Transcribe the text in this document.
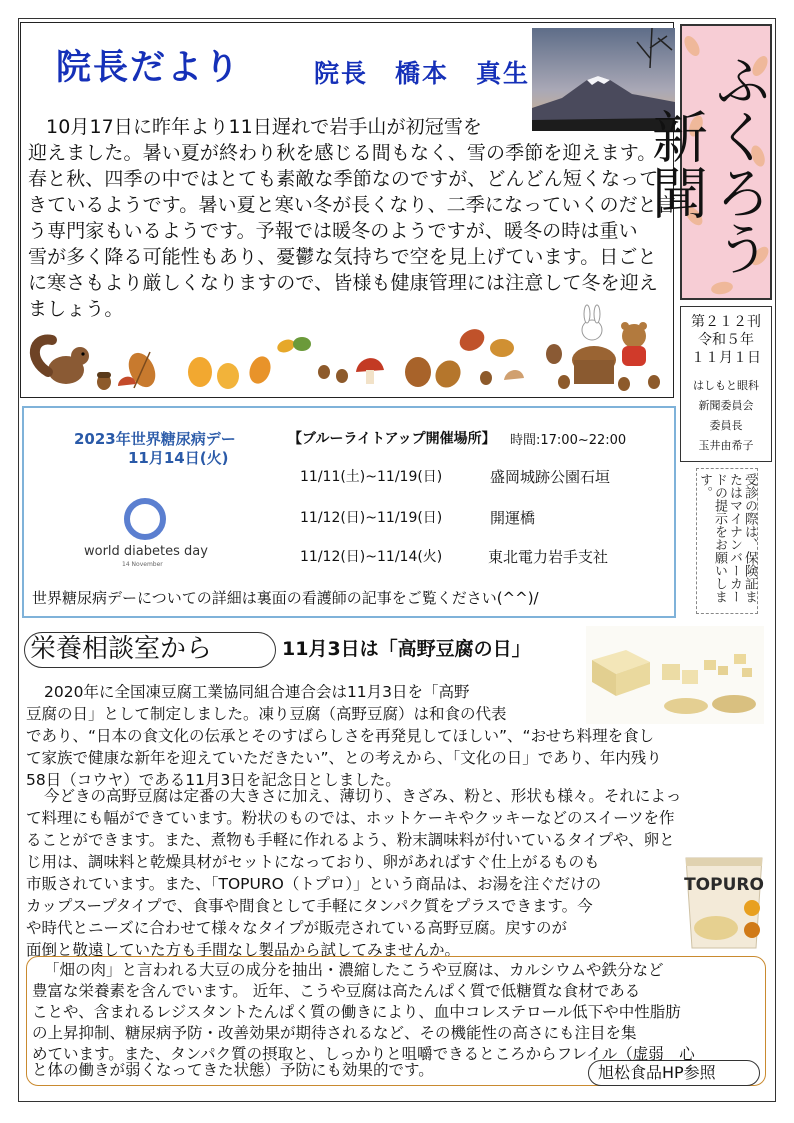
院長だより	院長　橋本　真生
10月17日に昨年より11日遅れで岩手山が初冠雪を
迎えました。暑い夏が終わり秋を感じる間もなく、雪の季節を迎えます。
春と秋、四季の中ではとても素敵な季節なのですが、どんどん短くなって
きているようです。暑い夏と寒い冬が長くなり、二季になっていくのだと言
う専門家もいるようです。予報では暖冬のようですが、暖冬の時は重い
雪が多く降る可能性もあり、憂鬱な気持ちで空を見上げています。日ごと
に寒さもより厳しくなりますので、皆様も健康管理には注意して冬を迎え
ましょう。
ふくろう新聞
第２１２刊
令和５年
１１月１日
はしもと眼科
新聞委員会
委員長
玉井由希子
受診の際は、保険証またはマイナンバーカードの提示をお願いします。
2023年世界糖尿病デー
11月14日(火)
【ブルーライトアップ開催場所】 時間:17:00~22:00
11/11(土)~11/19(日)	盛岡城跡公園石垣
11/12(日)~11/19(日)	開運橋
11/12(日)~11/14(火)	東北電力岩手支社
world diabetes day
14 November
世界糖尿病デーについての詳細は裏面の看護師の記事をご覧ください(^^)/
栄養相談室から	11月3日は「高野豆腐の日」
2020年に全国凍豆腐工業協同組合連合会は11月3日を「高野
豆腐の日」として制定しました。凍り豆腐（高野豆腐）は和食の代表
であり、“日本の食文化の伝承とそのすばらしさを再発見してほしい”、“おせち料理を食し
て家族で健康な新年を迎えていただきたい”、との考えから、「文化の日」であり、年内残り
58日（コウヤ）である11月3日を記念日としました。
今どきの高野豆腐は定番の大きさに加え、薄切り、きざみ、粉と、形状も様々。それによっ
て料理にも幅ができています。粉状のものでは、ホットケーキやクッキーなどのスイーツを作
ることができます。また、煮物も手軽に作れるよう、粉末調味料が付いているタイプや、卵と
じ用は、調味料と乾燥具材がセットになっており、卵があればすぐ仕上がるものも
市販されています。また、「TOPURO（トプロ）」という商品は、お湯を注ぐだけの
カップスープタイプで、食事や間食として手軽にタンパク質をプラスできます。今
や時代とニーズに合わせて様々なタイプが販売されている高野豆腐。戻すのが
面倒と敬遠していた方も手間なし製品から試してみませんか。
TOPURO
「畑の肉」と言われる大豆の成分を抽出・濃縮したこうや豆腐は、カルシウムや鉄分など
豊富な栄養素を含んでいます。 近年、こうや豆腐は高たんぱく質で低糖質な食材である
ことや、含まれるレジスタントたんぱく質の働きにより、血中コレステロール低下や中性脂肪
の上昇抑制、糖尿病予防・改善効果が期待されるなど、その機能性の高さにも注目を集
めています。また、タンパク質の摂取と、しっかりと咀嚼できるところからフレイル（虚弱　心
と体の働きが弱くなってきた状態）予防にも効果的です。	旭松食品HP参照
